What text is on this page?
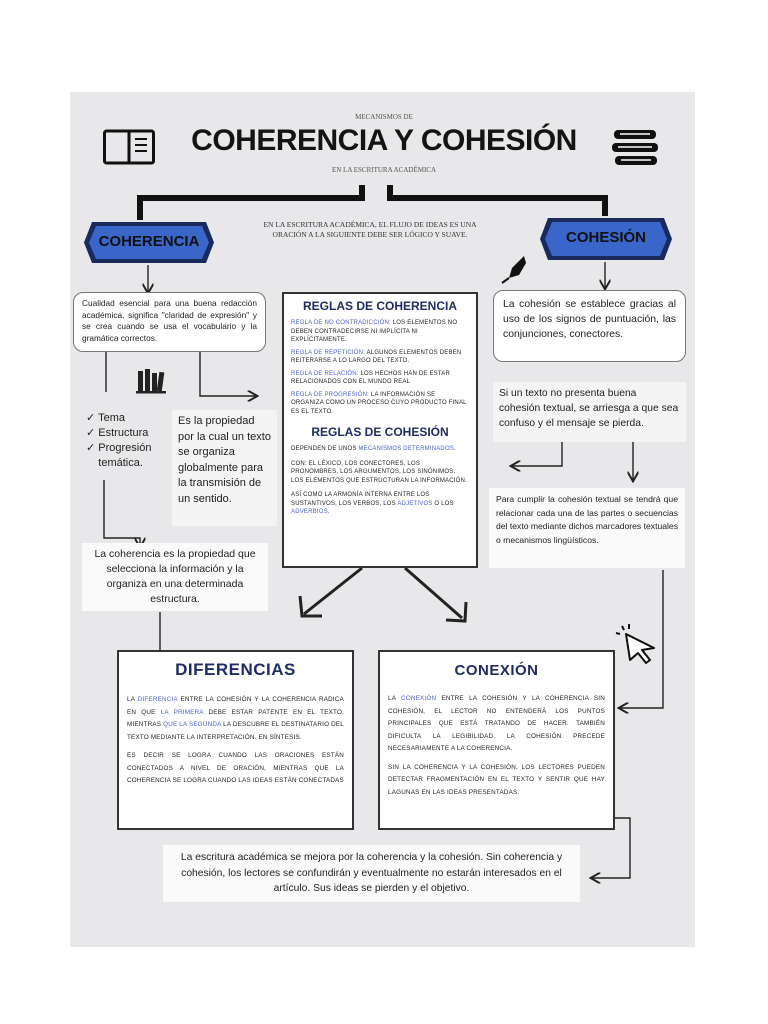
MECANISMOS DE
COHERENCIA Y COHESIÓN
EN LA ESCRITURA ACADÉMICA
EN LA ESCRITURA ACADÉMICA, EL FLUJO DE IDEAS ES UNA ORACIÓN A LA SIGUIENTE DEBE SER LÓGICO Y SUAVE.
COHERENCIA	COHESIÓN
Cualidad esencial para una buena redacción académica, significa "claridad de expresión" y se crea cuando se usa el vocabulario y la gramática correctos.
✓ Tema
✓ Estructura
✓ Progresión temática.
Es la propiedad por la cual un texto se organiza globalmente para la transmisión de un sentido.
La coherencia es la propiedad que selecciona la información y la organiza en una determinada estructura.
REGLAS DE COHERENCIA
REGLA DE NO CONTRADICCIÓN: LOS ELEMENTOS NO DEBEN CONTRADECIRSE NI IMPLÍCITA NI EXPLÍCITAMENTE.
REGLA DE REPETICIÓN: ALGUNOS ELEMENTOS DEBEN REITERARSE A LO LARGO DEL TEXTO.
REGLA DE RELACIÓN: LOS HECHOS HAN DE ESTAR RELACIONADOS CON EL MUNDO REAL
REGLA DE PROGRESIÓN: LA INFORMACIÓN SE ORGANIZA COMO UN PROCESO CUYO PRODUCTO FINAL ES EL TEXTO.
REGLAS DE COHESIÓN
DEPENDEN DE UNOS MECANISMOS DETERMINADOS.
CON: EL LÉXICO, LOS CONECTORES, LOS PRONOMBRES, LOS ARGUMENTOS, LOS SINÓNIMOS, LOS ELEMENTOS QUE ESTRUCTURAN LA INFORMACIÓN.
ASÍ COMO LA ARMONÍA INTERNA ENTRE LOS SUSTANTIVOS, LOS VERBOS, LOS ADJETIVOS O LOS ADVERBIOS.
La cohesión se establece gracias al uso de los signos de puntuación, las conjunciones, conectores.
Si un texto no presenta buena cohesión textual, se arriesga a que sea confuso y el mensaje se pierda.
Para cumplir la cohesión textual se tendrá que relacionar cada una de las partes o secuencias del texto mediante dichos marcadores textuales o mecanismos lingüísticos.
DIFERENCIAS
LA DIFERENCIA ENTRE LA COHESIÓN Y LA COHERENCIA RADICA EN QUE LA PRIMERA DEBE ESTAR PATENTE EN EL TEXTO, MIENTRAS QUE LA SEGUNDA LA DESCUBRE EL DESTINATARIO DEL TEXTO MEDIANTE LA INTERPRETACIÓN. EN SÍNTESIS.
ES DECIR SE LOGRA CUANDO LAS ORACIONES ESTÁN CONECTADOS A NIVEL DE ORACIÓN, MIENTRAS QUE LA COHERENCIA SE LOGRA CUANDO LAS IDEAS ESTÁN CONECTADAS
CONEXIÓN
LA CONEXIÓN ENTRE LA COHESIÓN Y LA COHERENCIA SIN COHESIÓN, EL LECTOR NO ENTENDERÁ LOS PUNTOS PRINCIPALES QUE ESTÁ TRATANDO DE HACER. TAMBIÉN DIFICULTA LA LEGIBILIDAD. LA COHESIÓN PRECEDE NECESARIAMENTE A LA COHERENCIA.
SIN LA COHERENCIA Y LA COHESIÓN, LOS LECTORES PUEDEN DETECTAR FRAGMENTACIÓN EN EL TEXTO Y SENTIR QUE HAY LAGUNAS EN LAS IDEAS PRESENTADAS.
La escritura académica se mejora por la coherencia y la cohesión. Sin coherencia y cohesión, los lectores se confundirán y eventualmente no estarán interesados en el artículo. Sus ideas se pierden y el objetivo.
